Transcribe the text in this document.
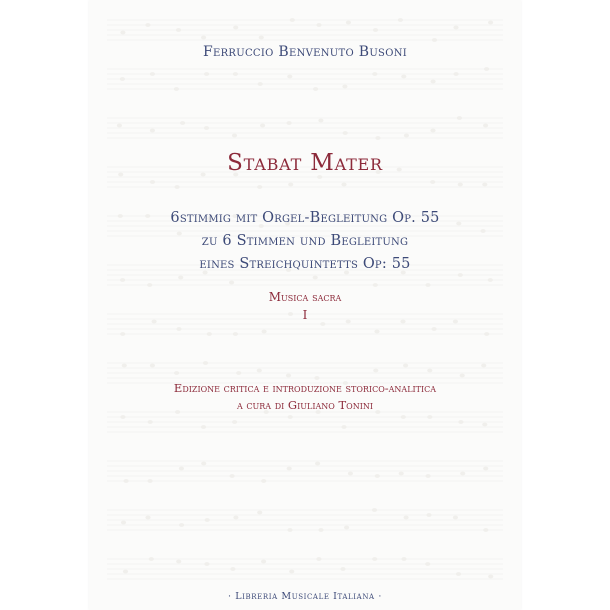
Ferruccio Benvenuto Busoni
Stabat Mater
6stimmig mit Orgel-Begleitung Op. 55
zu 6 Stimmen und Begleitung
eines Streichquintetts Op: 55
Musica sacra
I
Edizione critica e introduzione storico-analitica
a cura di Giuliano Tonini
· Libreria Musicale Italiana ·
